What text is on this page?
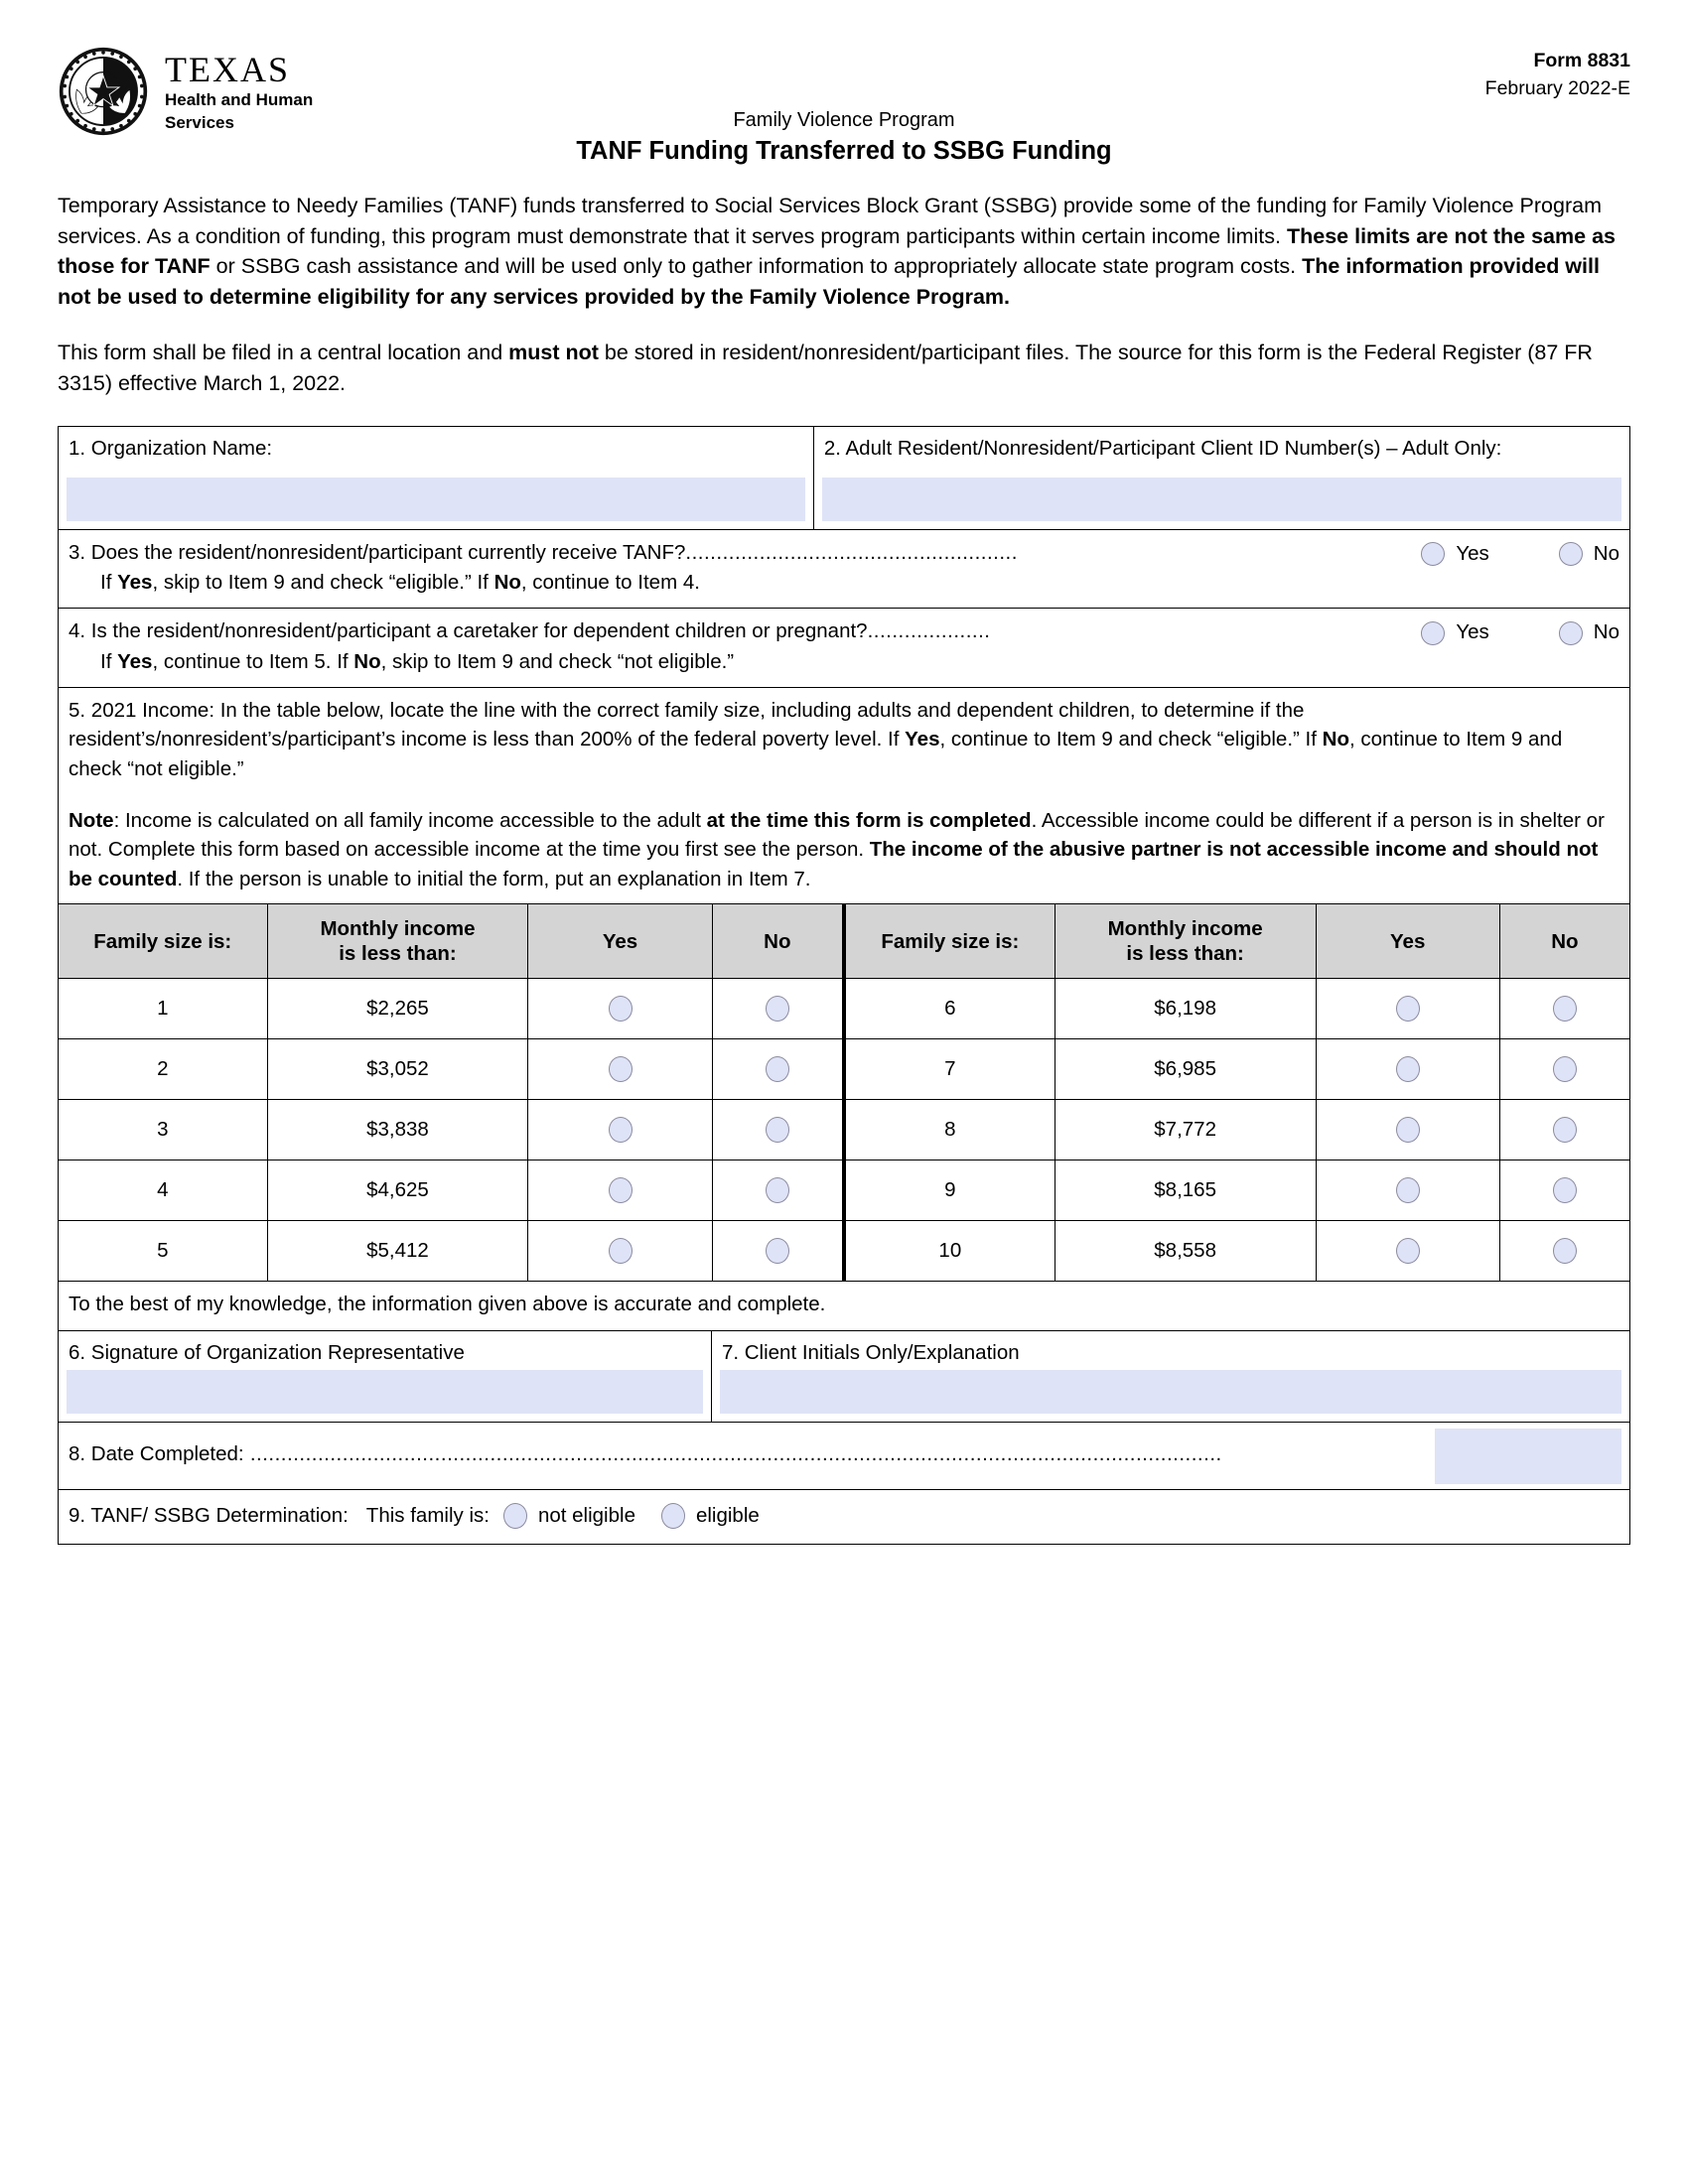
TEXAS
Health and Human
Services
Form 8831
February 2022-E
Family Violence Program
TANF Funding Transferred to SSBG Funding

Temporary Assistance to Needy Families (TANF) funds transferred to Social Services Block Grant (SSBG) provide some of the funding for Family Violence Program services. As a condition of funding, this program must demonstrate that it serves program participants within certain income limits. These limits are not the same as those for TANF or SSBG cash assistance and will be used only to gather information to appropriately allocate state program costs. The information provided will not be used to determine eligibility for any services provided by the Family Violence Program.

This form shall be filed in a central location and must not be stored in resident/nonresident/participant files. The source for this form is the Federal Register (87 FR 3315) effective March 1, 2022.

1. Organization Name:	2. Adult Resident/Nonresident/Participant Client ID Number(s) – Adult Only:

3. Does the resident/nonresident/participant currently receive TANF?......................................................	Yes	No
If Yes, skip to Item 9 and check “eligible.” If No, continue to Item 4.

4. Is the resident/nonresident/participant a caretaker for dependent children or pregnant?....................	Yes	No
If Yes, continue to Item 5. If No, skip to Item 9 and check “not eligible.”

5. 2021 Income: In the table below, locate the line with the correct family size, including adults and dependent children, to determine if the resident’s/nonresident’s/participant’s income is less than 200% of the federal poverty level. If Yes, continue to Item 9 and check “eligible.” If No, continue to Item 9 and check “not eligible.”

Note: Income is calculated on all family income accessible to the adult at the time this form is completed. Accessible income could be different if a person is in shelter or not. Complete this form based on accessible income at the time you first see the person. The income of the abusive partner is not accessible income and should not be counted. If the person is unable to initial the form, put an explanation in Item 7.

Family size is:	
Monthly income
is less than:
	Yes	No	Family size is:	
Monthly income
is less than:
	Yes	No
1	$2,265			6	$6,198	

2	$3,052			7	$6,985	

3	$3,838			8	$7,772	

4	$4,625			9	$8,165	

5	$5,412			10	$8,558	

To the best of my knowledge, the information given above is accurate and complete.
6. Signature of Organization Representative	7. Client Initials Only/Explanation

8. Date Completed: ..............................................................................................................................................................

9. TANF/ SSBG Determination: This family is: not eligible	eligible
